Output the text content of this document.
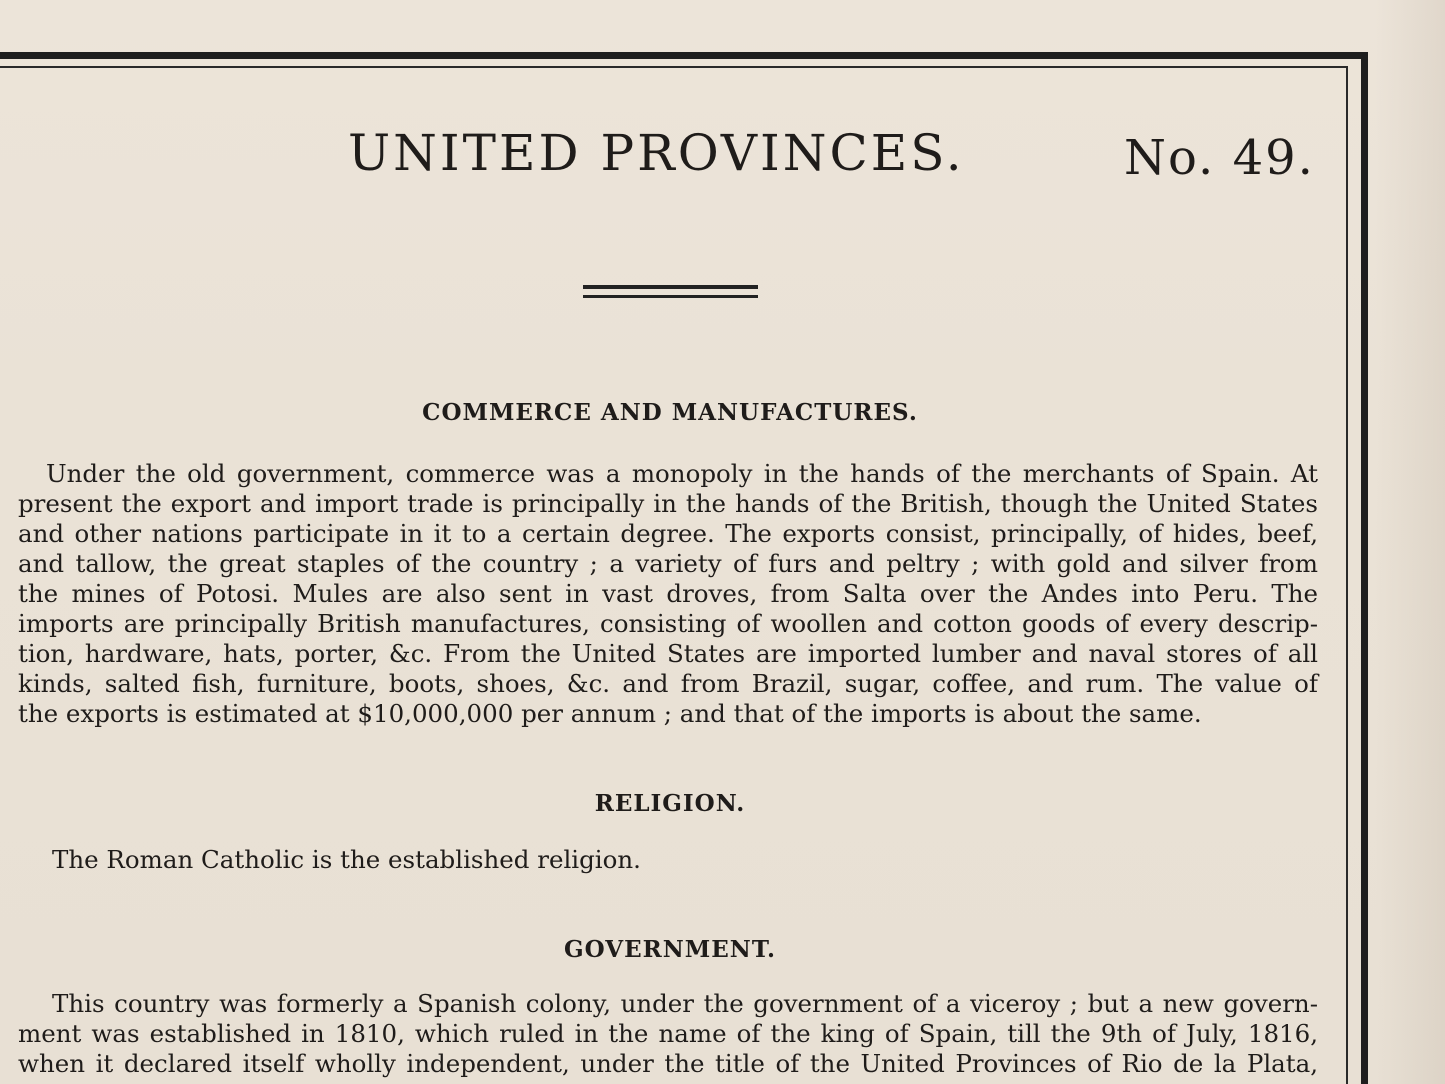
UNITED PROVINCES.	No. 49.
COMMERCE AND MANUFACTURES.
Under the old government, commerce was a monopoly in the hands of the merchants of Spain. At
present the export and import trade is principally in the hands of the British, though the United States
and other nations participate in it to a certain degree. The exports consist, principally, of hides, beef,
and tallow, the great staples of the country ; a variety of furs and peltry ; with gold and silver from
the mines of Potosi. Mules are also sent in vast droves, from Salta over the Andes into Peru. The
imports are principally British manufactures, consisting of woollen and cotton goods of every descrip-
tion, hardware, hats, porter, &c. From the United States are imported lumber and naval stores of all
kinds, salted fish, furniture, boots, shoes, &c. and from Brazil, sugar, coffee, and rum. The value of
the exports is estimated at $10,000,000 per annum ; and that of the imports is about the same.
RELIGION.
The Roman Catholic is the established religion.
GOVERNMENT.
This country was formerly a Spanish colony, under the government of a viceroy ; but a new govern-
ment was established in 1810, which ruled in the name of the king of Spain, till the 9th of July, 1816,
when it declared itself wholly independent, under the title of the United Provinces of Rio de la Plata,
